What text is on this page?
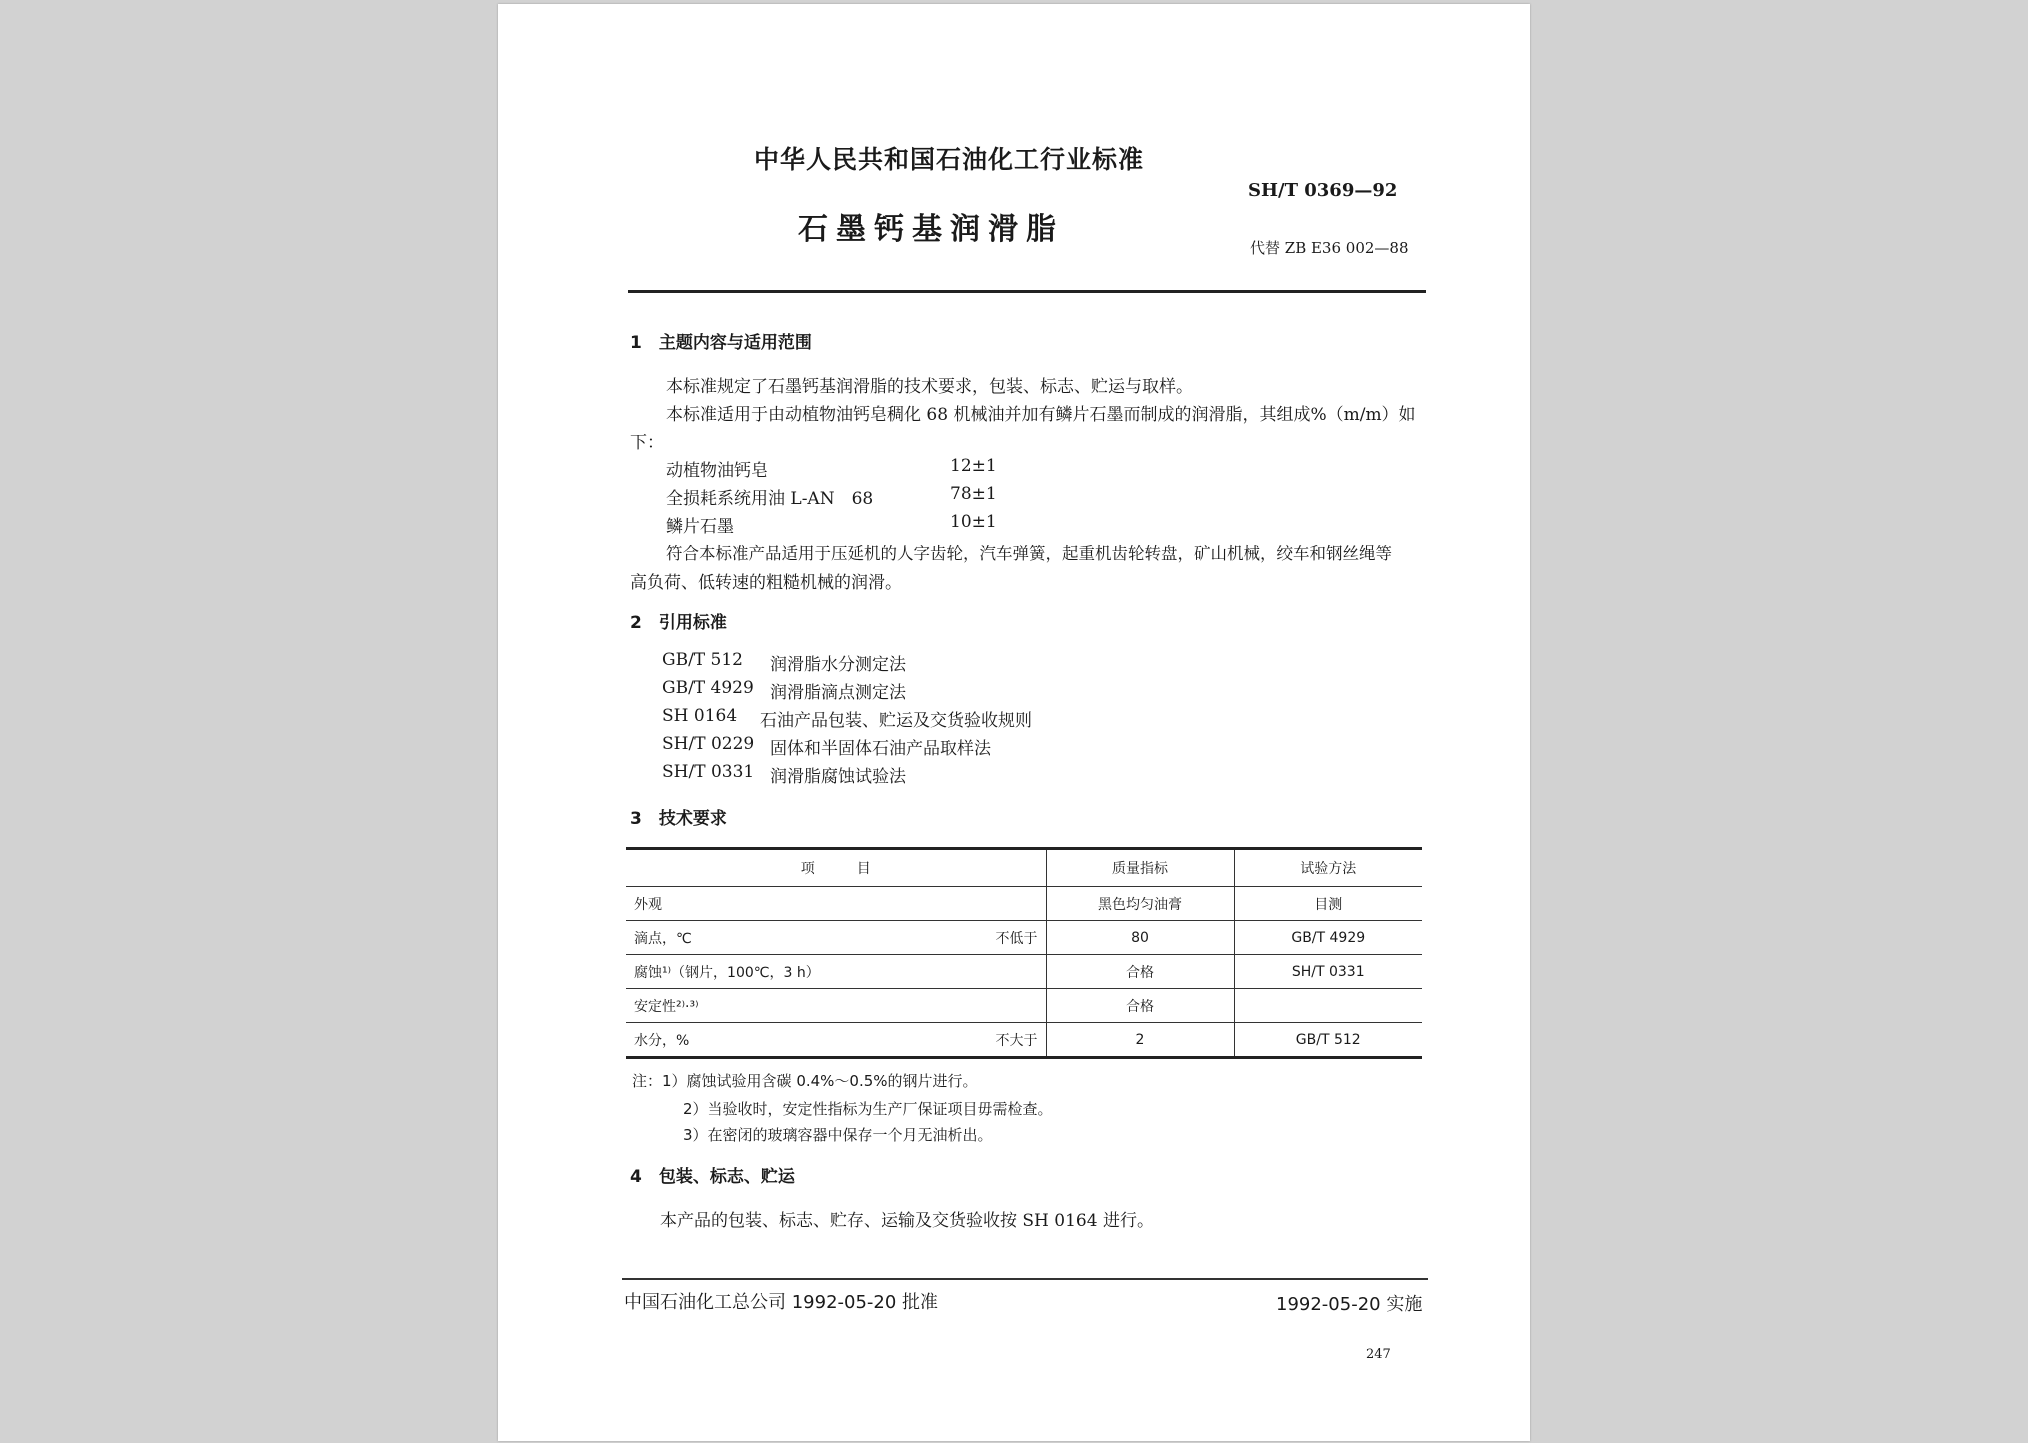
中华人民共和国石油化工行业标准
SH/T 0369—92
石墨钙基润滑脂
代替 ZB E36 002—88
1　主题内容与适用范围
本标准规定了石墨钙基润滑脂的技术要求，包装、标志、贮运与取样。
本标准适用于由动植物油钙皂稠化 68 机械油并加有鳞片石墨而制成的润滑脂，其组成%（m/m）如
下：
动植物油钙皂	12±1
全损耗系统用油 L-AN　68	78±1
鳞片石墨	10±1
符合本标准产品适用于压延机的人字齿轮，汽车弹簧，起重机齿轮转盘，矿山机械，绞车和钢丝绳等
高负荷、低转速的粗糙机械的润滑。
2　引用标准
GB/T 512 润滑脂水分测定法
GB/T 4929 润滑脂滴点测定法
SH 0164 石油产品包装、贮运及交货验收规则
SH/T 0229 固体和半固体石油产品取样法
SH/T 0331 润滑脂腐蚀试验法
3　技术要求
项　　　目	质量指标	试验方法
外观	黑色均匀油膏	目测
滴点，℃ 不低于	80	GB/T 4929
腐蚀¹⁾（钢片，100℃，3 h）	合格	SH/T 0331
安定性²⁾·³⁾	合格	
水分，% 不大于	2	GB/T 512
注：1）腐蚀试验用含碳 0.4%～0.5%的钢片进行。
2）当验收时，安定性指标为生产厂保证项目毋需检查。
3）在密闭的玻璃容器中保存一个月无油析出。
4　包装、标志、贮运
本产品的包装、标志、贮存、运输及交货验收按 SH 0164 进行。
中国石油化工总公司 1992-05-20 批准	1992-05-20 实施
247
